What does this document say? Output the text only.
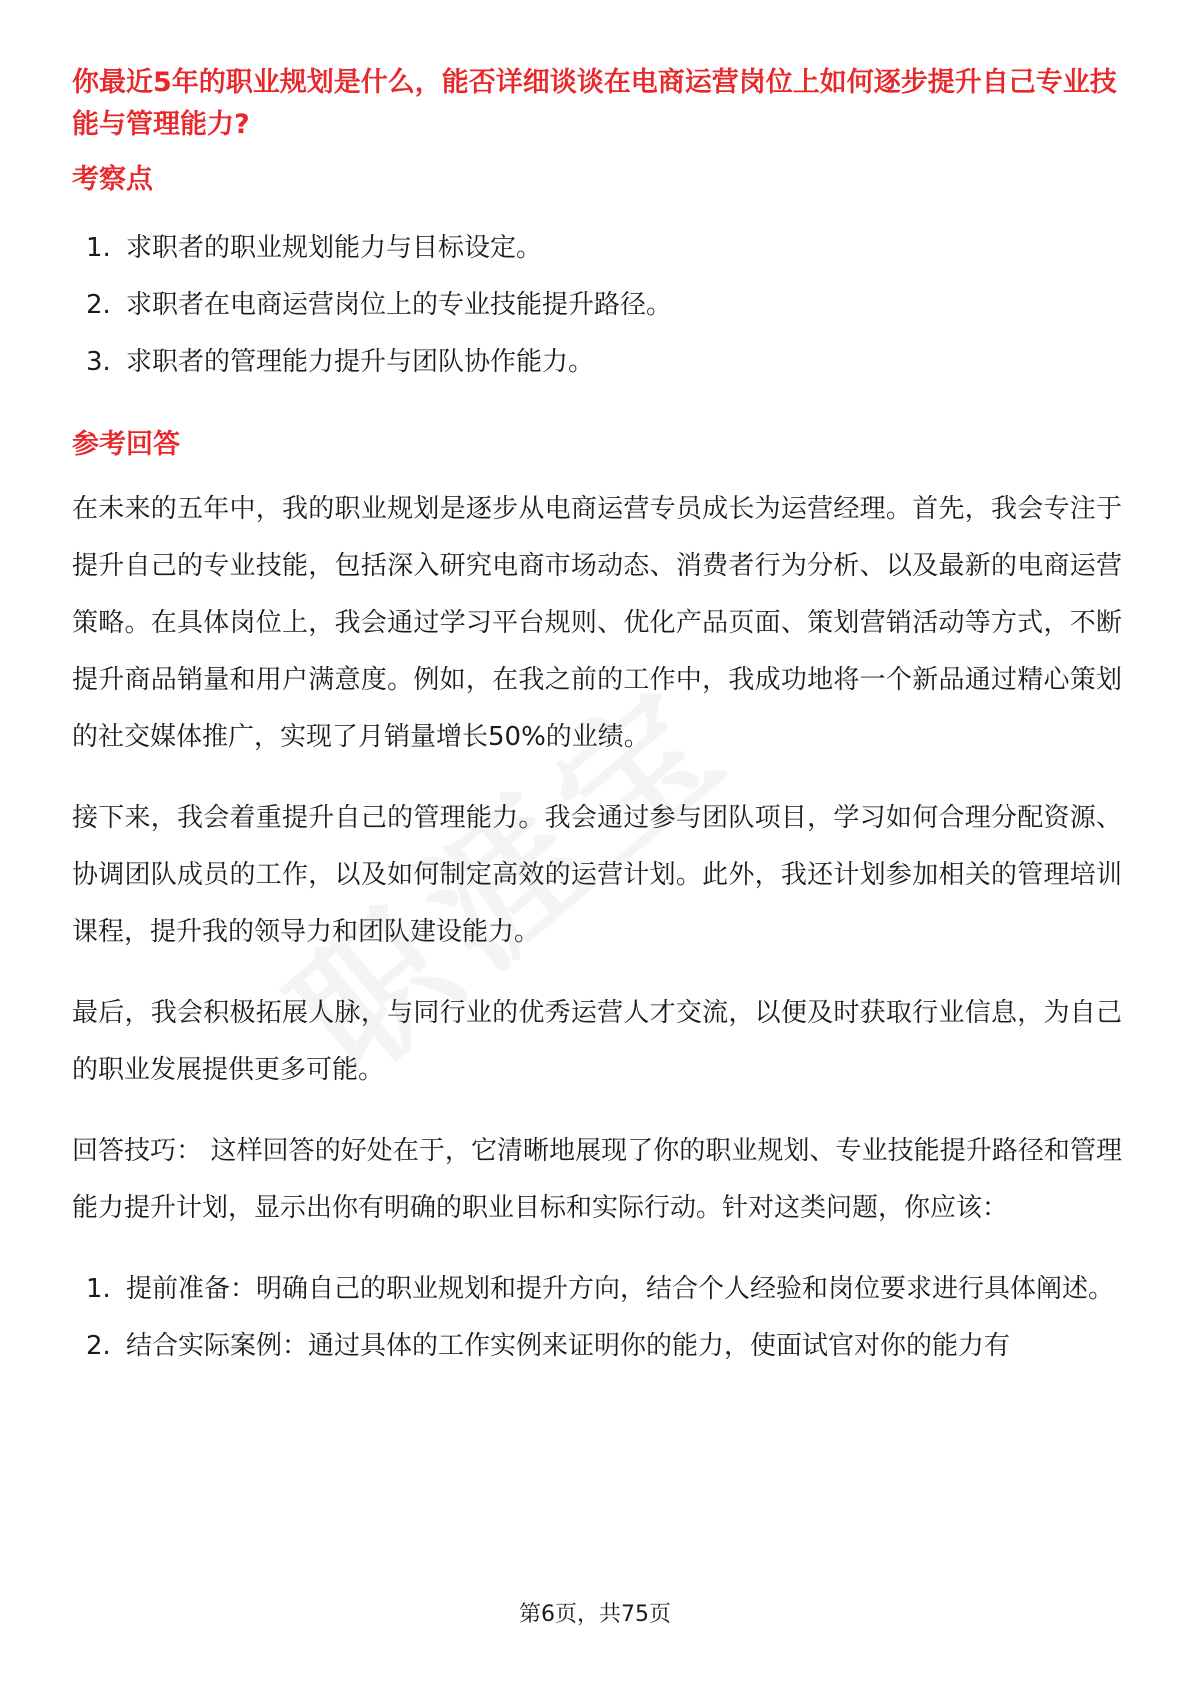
你最近5年的职业规划是什么，能否详细谈谈在电商运营岗位上如何逐步提升自己专业技能与管理能力?

考察点
1. 求职者的职业规划能力与目标设定。
2. 求职者在电商运营岗位上的专业技能提升路径。
3. 求职者的管理能力提升与团队协作能力。
参考回答

在未来的五年中，我的职业规划是逐步从电商运营专员成长为运营经理。首先，我会专注于提升自己的专业技能，包括深入研究电商市场动态、消费者行为分析、以及最新的电商运营策略。在具体岗位上，我会通过学习平台规则、优化产品页面、策划营销活动等方式，不断提升商品销量和用户满意度。例如，在我之前的工作中，我成功地将一个新品通过精心策划的社交媒体推广，实现了月销量增长50%的业绩。

接下来，我会着重提升自己的管理能力。我会通过参与团队项目，学习如何合理分配资源、协调团队成员的工作，以及如何制定高效的运营计划。此外，我还计划参加相关的管理培训课程，提升我的领导力和团队建设能力。

最后，我会积极拓展人脉，与同行业的优秀运营人才交流，以便及时获取行业信息，为自己的职业发展提供更多可能。

回答技巧： 这样回答的好处在于，它清晰地展现了你的职业规划、专业技能提升路径和管理能力提升计划，显示出你有明确的职业目标和实际行动。针对这类问题，你应该：

1. 提前准备：明确自己的职业规划和提升方向，结合个人经验和岗位要求进行具体阐述。
2. 结合实际案例：通过具体的工作实例来证明你的能力，使面试官对你的能力有
第6页，共75页
